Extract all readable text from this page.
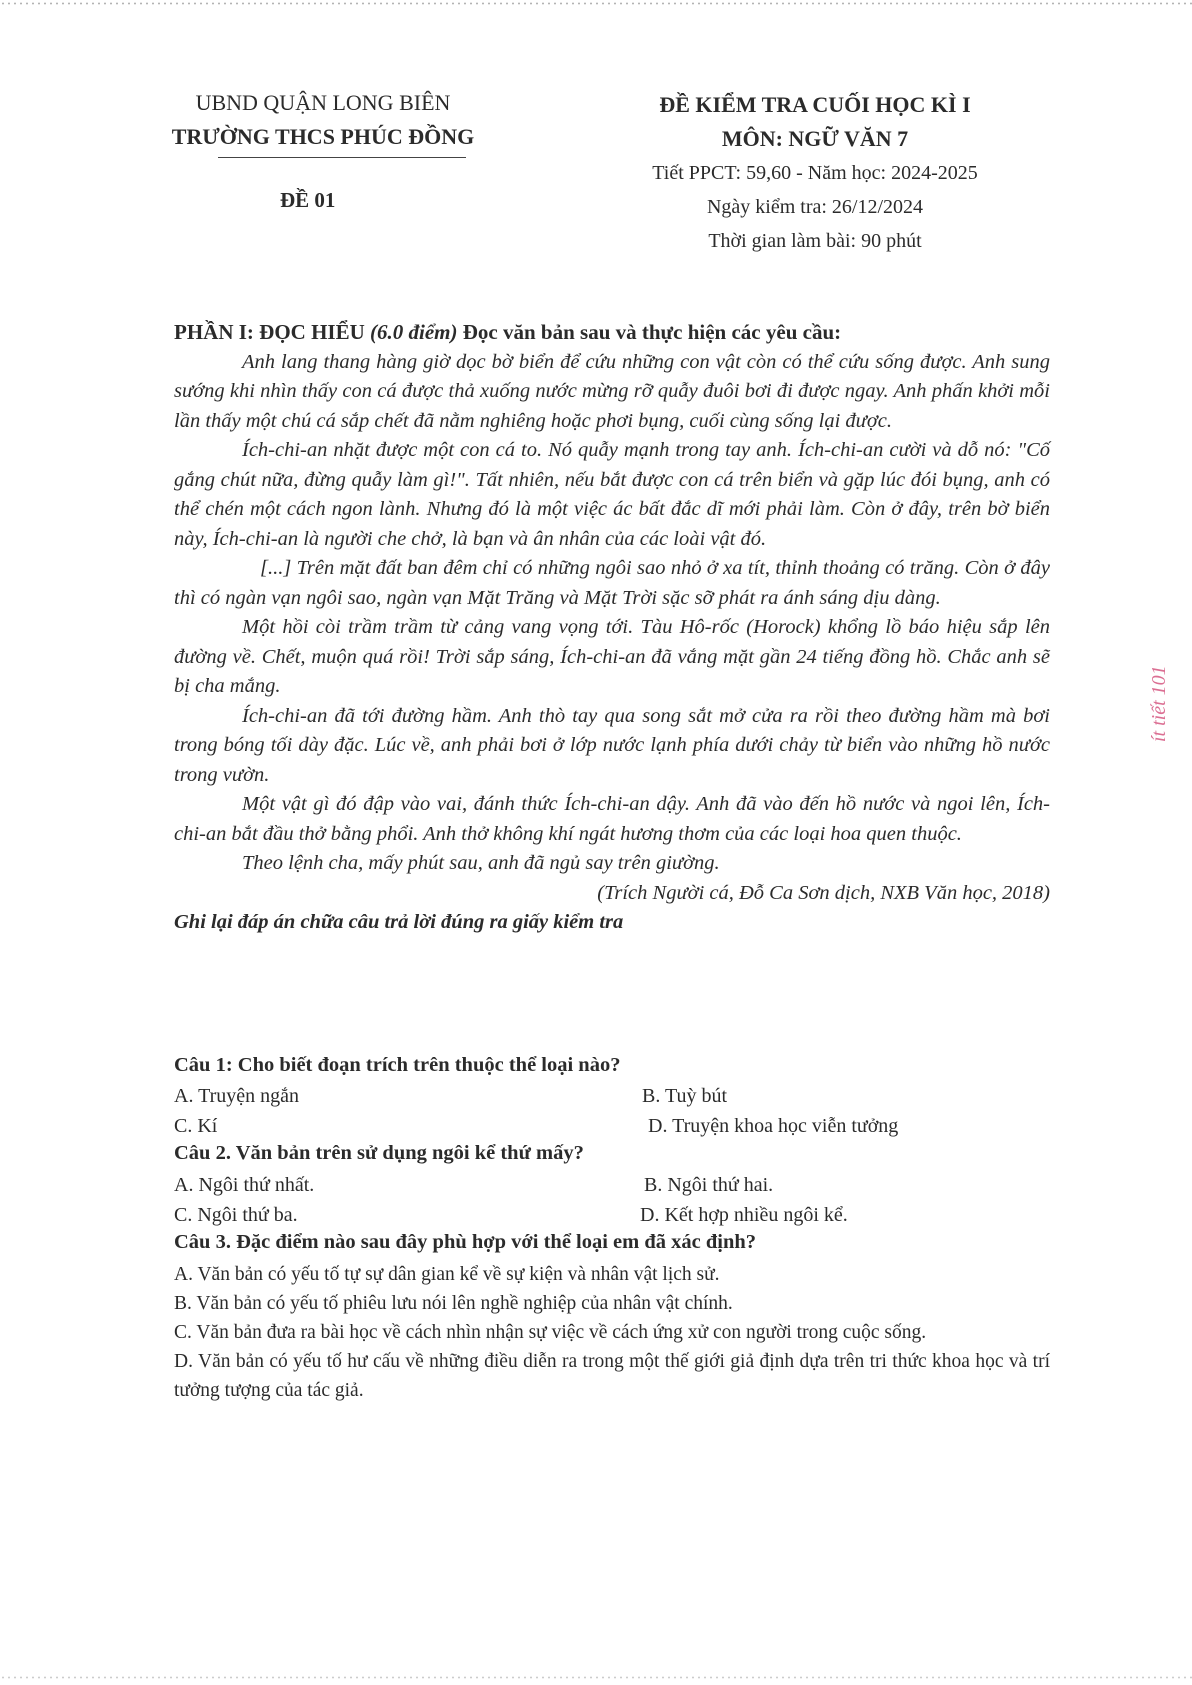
UBND QUẬN LONG BIÊN
TRƯỜNG THCS PHÚC ĐỒNG
ĐỀ 01
ĐỀ KIỂM TRA CUỐI HỌC KÌ I
MÔN: NGỮ VĂN 7
Tiết PPCT: 59,60 - Năm học: 2024-2025
Ngày kiểm tra: 26/12/2024
Thời gian làm bài: 90 phút

PHẦN I: ĐỌC HIỂU (6.0 điểm) Đọc văn bản sau và thực hiện các yêu cầu:

Anh lang thang hàng giờ dọc bờ biển để cứu những con vật còn có thể cứu sống được. Anh sung sướng khi nhìn thấy con cá được thả xuống nước mừng rỡ quẫy đuôi bơi đi được ngay. Anh phấn khởi mỗi lần thấy một chú cá sắp chết đã nằm nghiêng hoặc phơi bụng, cuối cùng sống lại được.

Ích-chi-an nhặt được một con cá to. Nó quẫy mạnh trong tay anh. Ích-chi-an cười và dỗ nó: "Cố gắng chút nữa, đừng quẫy làm gì!". Tất nhiên, nếu bắt được con cá trên biển và gặp lúc đói bụng, anh có thể chén một cách ngon lành. Nhưng đó là một việc ác bất đắc dĩ mới phải làm. Còn ở đây, trên bờ biển này, Ích-chi-an là người che chở, là bạn và ân nhân của các loài vật đó.

[...] Trên mặt đất ban đêm chỉ có những ngôi sao nhỏ ở xa tít, thỉnh thoảng có trăng. Còn ở đây thì có ngàn vạn ngôi sao, ngàn vạn Mặt Trăng và Mặt Trời sặc sỡ phát ra ánh sáng dịu dàng.

Một hồi còi trầm trầm từ cảng vang vọng tới. Tàu Hô-rốc (Horock) khổng lồ báo hiệu sắp lên đường về. Chết, muộn quá rồi! Trời sắp sáng, Ích-chi-an đã vắng mặt gần 24 tiếng đồng hồ. Chắc anh sẽ bị cha mắng.

Ích-chi-an đã tới đường hầm. Anh thò tay qua song sắt mở cửa ra rồi theo đường hầm mà bơi trong bóng tối dày đặc. Lúc về, anh phải bơi ở lớp nước lạnh phía dưới chảy từ biển vào những hồ nước trong vườn.

Một vật gì đó đập vào vai, đánh thức Ích-chi-an dậy. Anh đã vào đến hồ nước và ngoi lên, Ích-chi-an bắt đầu thở bằng phổi. Anh thở không khí ngát hương thơm của các loại hoa quen thuộc.

Theo lệnh cha, mấy phút sau, anh đã ngủ say trên giường.

(Trích Người cá, Đỗ Ca Sơn dịch, NXB Văn học, 2018)

Ghi lại đáp án chữa câu trả lời đúng ra giấy kiểm tra

Câu 1: Cho biết đoạn trích trên thuộc thể loại nào?
A. Truyện ngắn	B. Tuỳ bút
C. Kí	D. Truyện khoa học viễn tưởng
Câu 2. Văn bản trên sử dụng ngôi kể thứ mấy?
A. Ngôi thứ nhất.	B. Ngôi thứ hai.
C. Ngôi thứ ba.	D. Kết hợp nhiều ngôi kể.
Câu 3. Đặc điểm nào sau đây phù hợp với thể loại em đã xác định?

A. Văn bản có yếu tố tự sự dân gian kể về sự kiện và nhân vật lịch sử.

B. Văn bản có yếu tố phiêu lưu nói lên nghề nghiệp của nhân vật chính.

C. Văn bản đưa ra bài học về cách nhìn nhận sự việc về cách ứng xử con người trong cuộc sống.

D. Văn bản có yếu tố hư cấu về những điều diễn ra trong một thế giới giả định dựa trên tri thức khoa học và trí tưởng tượng của tác giả.

ít tiết 101
